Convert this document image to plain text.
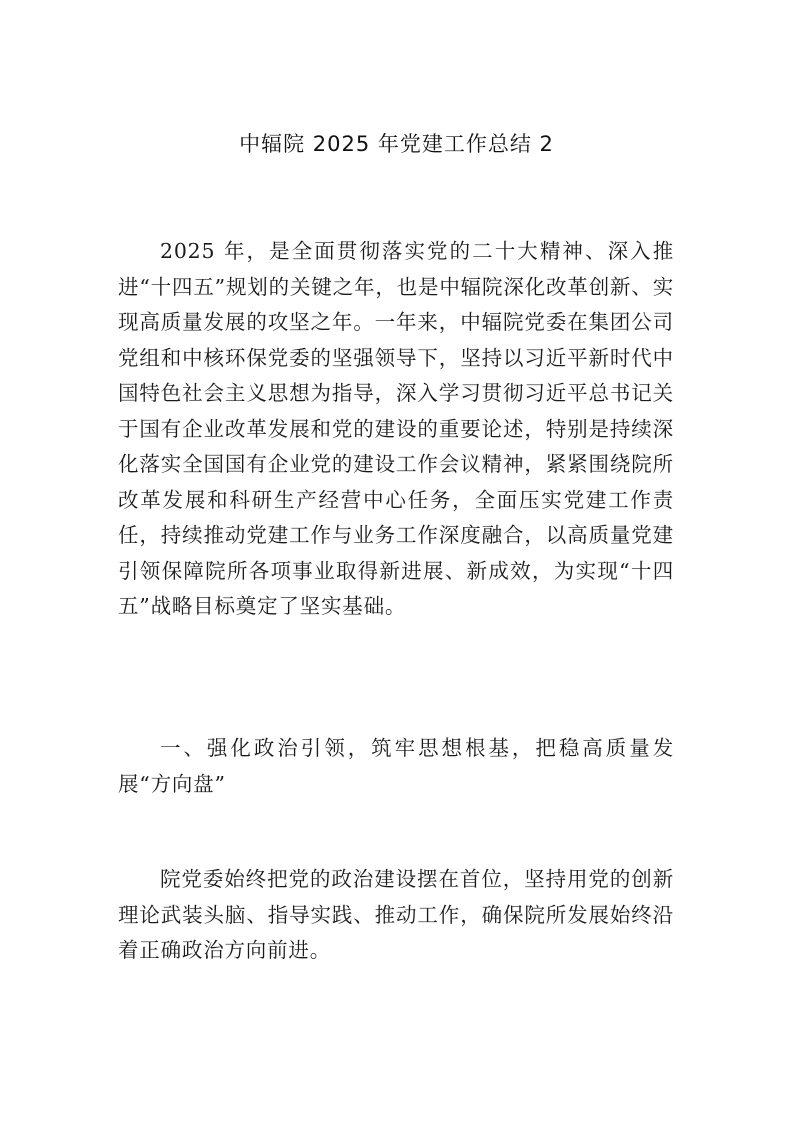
中辐院 2025 年党建工作总结 2

2025 年，是全面贯彻落实党的二十大精神、深入推进“十四五”规划的关键之年，也是中辐院深化改革创新、实现高质量发展的攻坚之年。一年来，中辐院党委在集团公司党组和中核环保党委的坚强领导下，坚持以习近平新时代中国特色社会主义思想为指导，深入学习贯彻习近平总书记关于国有企业改革发展和党的建设的重要论述，特别是持续深化落实全国国有企业党的建设工作会议精神，紧紧围绕院所改革发展和科研生产经营中心任务，全面压实党建工作责任，持续推动党建工作与业务工作深度融合，以高质量党建引领保障院所各项事业取得新进展、新成效，为实现“十四五”战略目标奠定了坚实基础。

一、强化政治引领，筑牢思想根基，把稳高质量发展“方向盘”

院党委始终把党的政治建设摆在首位，坚持用党的创新理论武装头脑、指导实践、推动工作，确保院所发展始终沿着正确政治方向前进。
